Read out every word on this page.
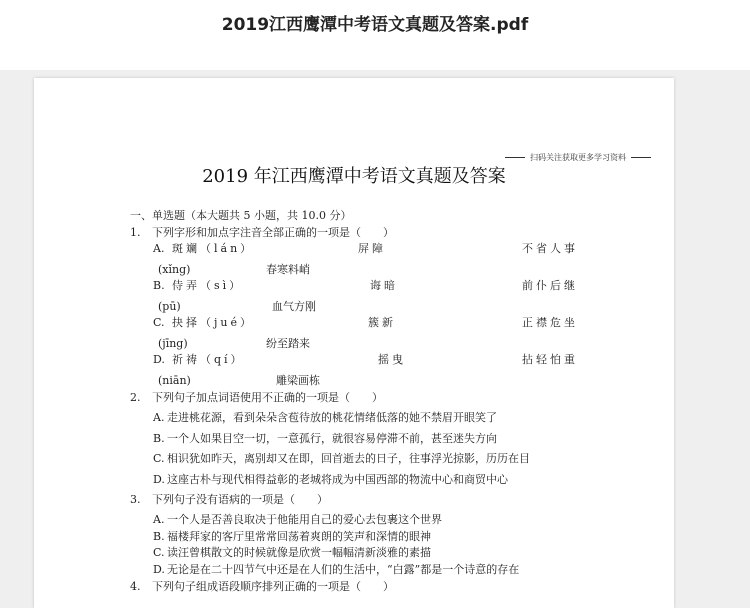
2019江西鹰潭中考语文真题及答案.pdf
扫码关注获取更多学习资料
2019 年江西鹰潭中考语文真题及答案
一、单选题（本大题共 5 小题，共 10.0 分）
1. 下列字形和加点字注音全部正确的一项是（　　）
A. 斑斓（lán）	屏障	不省人事
(xǐng)	春寒料峭
B. 侍弄（sì）	诲暗	前仆后继
(pū)	血气方刚
C. 抉择（jué）	簇新	正襟危坐
(jīng)	纷至踏来
D. 祈祷（qí）	摇曳	拈轻怕重
(niān)	雕梁画栋
2. 下列句子加点词语使用不正确的一项是（　　）
A. 走进桃花源，看到朵朵含苞待放的桃花情绪低落的她不禁眉开眼笑了
B. 一个人如果目空一切，一意孤行，就很容易停滞不前，甚至迷失方向
C. 相识犹如昨天，离别却又在即，回首逝去的日子，往事浮光掠影，历历在目
D. 这座古朴与现代相得益彰的老城将成为中国西部的物流中心和商贸中心
3. 下列句子没有语病的一项是（　　）
A. 一个人是否善良取决于他能用自己的爱心去包裹这个世界
B. 福楼拜家的客厅里常常回荡着爽朗的笑声和深情的眼神
C. 读汪曾棋散文的时候就像是欣赏一幅幅清新淡雅的素描
D. 无论是在二十四节气中还是在人们的生活中，“白露”都是一个诗意的存在
4. 下列句子组成语段顺序排列正确的一项是（　　）
